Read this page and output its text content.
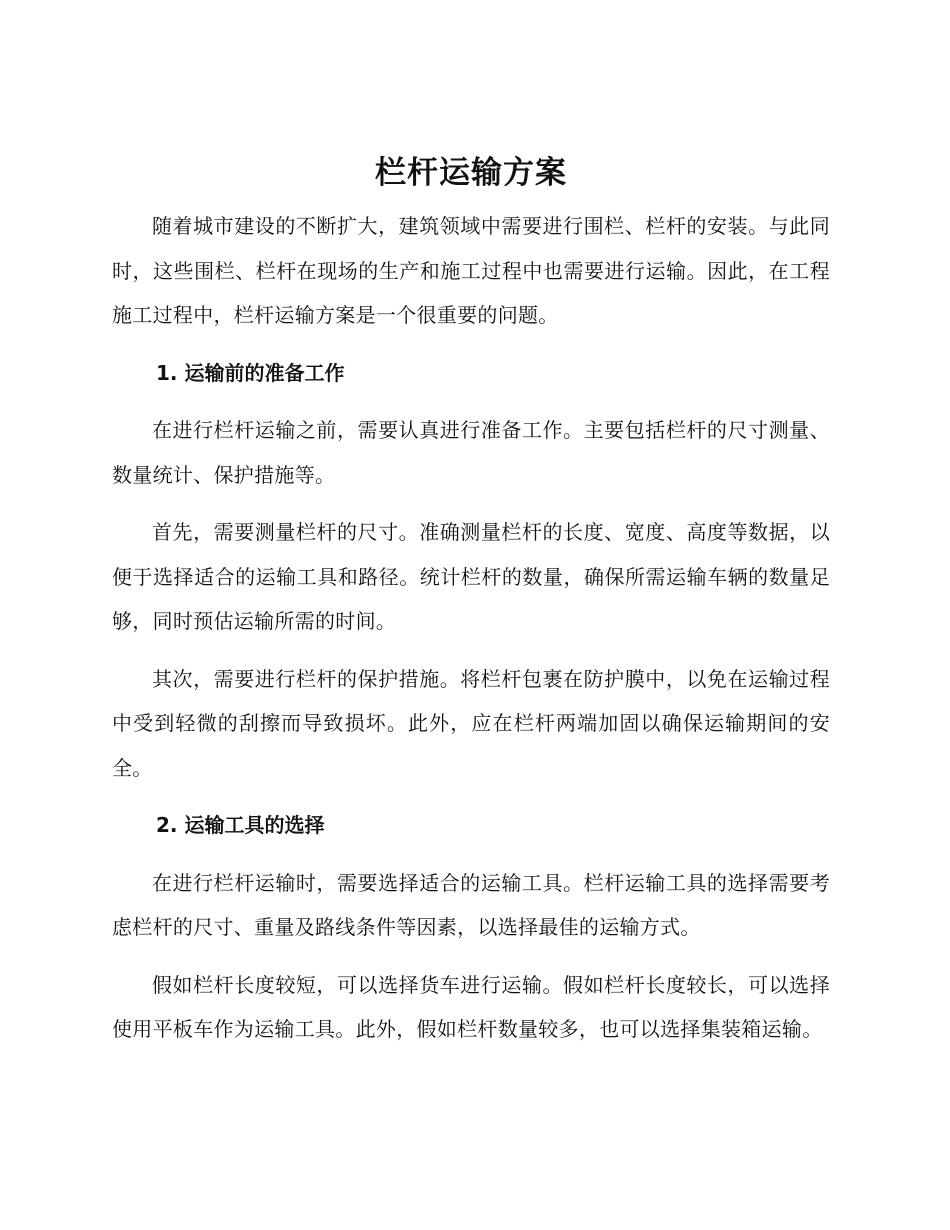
栏杆运输方案

随着城市建设的不断扩大，建筑领域中需要进行围栏、栏杆的安装。与此同时，这些围栏、栏杆在现场的生产和施工过程中也需要进行运输。因此，在工程施工过程中，栏杆运输方案是一个很重要的问题。

1. 运输前的准备工作

在进行栏杆运输之前，需要认真进行准备工作。主要包括栏杆的尺寸测量、数量统计、保护措施等。

首先，需要测量栏杆的尺寸。准确测量栏杆的长度、宽度、高度等数据，以便于选择适合的运输工具和路径。统计栏杆的数量，确保所需运输车辆的数量足够，同时预估运输所需的时间。

其次，需要进行栏杆的保护措施。将栏杆包裹在防护膜中，以免在运输过程中受到轻微的刮擦而导致损坏。此外，应在栏杆两端加固以确保运输期间的安全。

2. 运输工具的选择

在进行栏杆运输时，需要选择适合的运输工具。栏杆运输工具的选择需要考虑栏杆的尺寸、重量及路线条件等因素，以选择最佳的运输方式。

假如栏杆长度较短，可以选择货车进行运输。假如栏杆长度较长，可以选择使用平板车作为运输工具。此外，假如栏杆数量较多，也可以选择集装箱运输。
